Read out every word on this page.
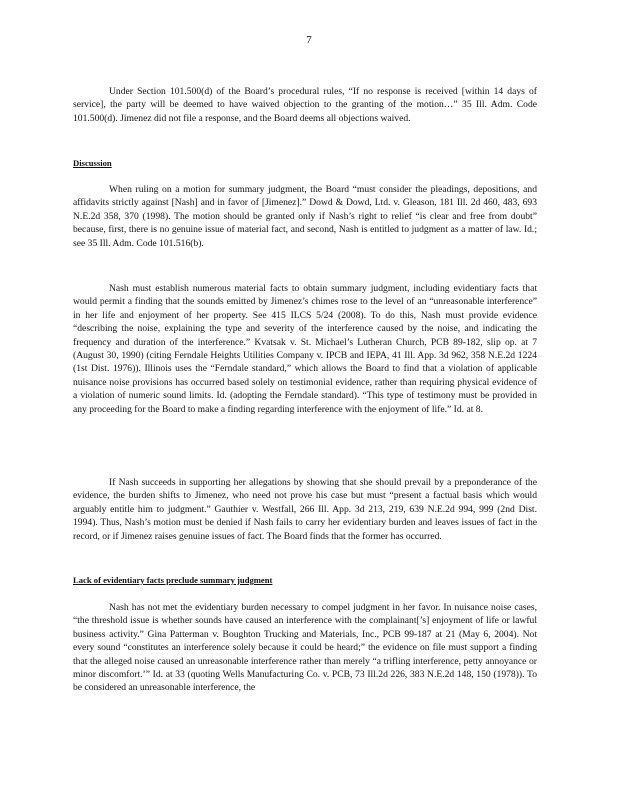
7

Under Section 101.500(d) of the Board’s procedural rules, “If no response is received [within 14 days of service], the party will be deemed to have waived objection to the granting of the motion…” 35 Ill. Adm. Code 101.500(d). Jimenez did not file a response, and the Board deems all objections waived.

Discussion

When ruling on a motion for summary judgment, the Board “must consider the pleadings, depositions, and affidavits strictly against [Nash] and in favor of [Jimenez].” Dowd & Dowd, Ltd. v. Gleason, 181 Ill. 2d 460, 483, 693 N.E.2d 358, 370 (1998). The motion should be granted only if Nash’s right to relief “is clear and free from doubt” because, first, there is no genuine issue of material fact, and second, Nash is entitled to judgment as a matter of law. Id.; see 35 Ill. Adm. Code 101.516(b).

Nash must establish numerous material facts to obtain summary judgment, including evidentiary facts that would permit a finding that the sounds emitted by Jimenez’s chimes rose to the level of an “unreasonable interference” in her life and enjoyment of her property. See 415 ILCS 5/24 (2008). To do this, Nash must provide evidence “describing the noise, explaining the type and severity of the interference caused by the noise, and indicating the frequency and duration of the interference.” Kvatsak v. St. Michael’s Lutheran Church, PCB 89-182, slip op. at 7 (August 30, 1990) (citing Ferndale Heights Utilities Company v. IPCB and IEPA, 41 Ill. App. 3d 962, 358 N.E.2d 1224 (1st Dist. 1976)). Illinois uses the “Ferndale standard,” which allows the Board to find that a violation of applicable nuisance noise provisions has occurred based solely on testimonial evidence, rather than requiring physical evidence of a violation of numeric sound limits. Id. (adopting the Ferndale standard). “This type of testimony must be provided in any proceeding for the Board to make a finding regarding interference with the enjoyment of life.” Id. at 8.

If Nash succeeds in supporting her allegations by showing that she should prevail by a preponderance of the evidence, the burden shifts to Jimenez, who need not prove his case but must “present a factual basis which would arguably entitle him to judgment.” Gauthier v. Westfall, 266 Ill. App. 3d 213, 219, 639 N.E.2d 994, 999 (2nd Dist. 1994). Thus, Nash’s motion must be denied if Nash fails to carry her evidentiary burden and leaves issues of fact in the record, or if Jimenez raises genuine issues of fact. The Board finds that the former has occurred.

Lack of evidentiary facts preclude summary judgment

Nash has not met the evidentiary burden necessary to compel judgment in her favor. In nuisance noise cases, “the threshold issue is whether sounds have caused an interference with the complainant[’s] enjoyment of life or lawful business activity.” Gina Patterman v. Boughton Trucking and Materials, Inc., PCB 99-187 at 21 (May 6, 2004). Not every sound “constitutes an interference solely because it could be heard;” the evidence on file must support a finding that the alleged noise caused an unreasonable interference rather than merely “a trifling interference, petty annoyance or minor discomfort.’” Id. at 33 (quoting Wells Manufacturing Co. v. PCB, 73 Ill.2d 226, 383 N.E.2d 148, 150 (1978)). To be considered an unreasonable interference, the
